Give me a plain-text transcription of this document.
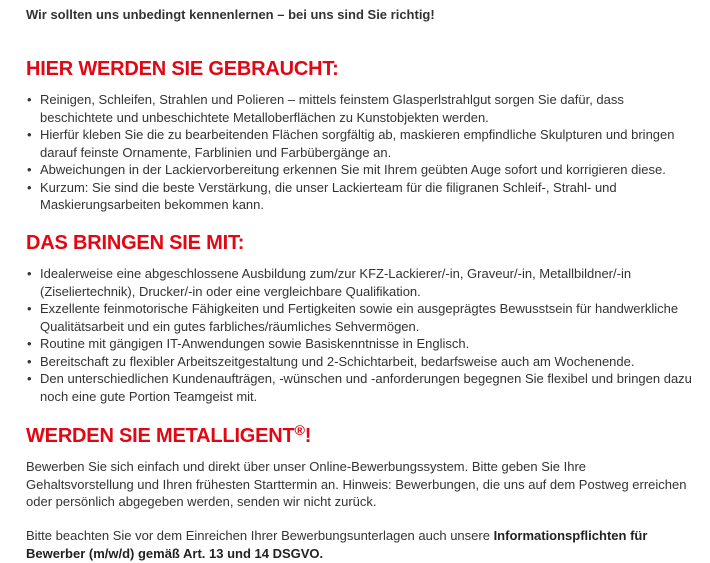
Wir sollten uns unbedingt kennenlernen – bei uns sind Sie richtig!
HIER WERDEN SIE GEBRAUCHT:
• Reinigen, Schleifen, Strahlen und Polieren – mittels feinstem Glasperlstrahlgut sorgen Sie dafür, dass beschichtete und unbeschichtete Metalloberflächen zu Kunstobjekten werden.
• Hierfür kleben Sie die zu bearbeitenden Flächen sorgfältig ab, maskieren empfindliche Skulpturen und bringen darauf feinste Ornamente, Farblinien und Farbübergänge an.
• Abweichungen in der Lackiervorbereitung erkennen Sie mit Ihrem geübten Auge sofort und korrigieren diese.
• Kurzum: Sie sind die beste Verstärkung, die unser Lackierteam für die filigranen Schleif-, Strahl- und Maskierungsarbeiten bekommen kann.
DAS BRINGEN SIE MIT:
• Idealerweise eine abgeschlossene Ausbildung zum/zur KFZ-Lackierer/-in, Graveur/-in, Metallbildner/-in (Ziseliertechnik), Drucker/-in oder eine vergleichbare Qualifikation.
• Exzellente feinmotorische Fähigkeiten und Fertigkeiten sowie ein ausgeprägtes Bewusstsein für handwerkliche Qualitätsarbeit und ein gutes farbliches/räumliches Sehvermögen.
• Routine mit gängigen IT-Anwendungen sowie Basiskenntnisse in Englisch.
• Bereitschaft zu flexibler Arbeitszeitgestaltung und 2-Schichtarbeit, bedarfsweise auch am Wochenende.
• Den unterschiedlichen Kundenaufträgen, -wünschen und -anforderungen begegnen Sie flexibel und bringen dazu noch eine gute Portion Teamgeist mit.
WERDEN SIE METALLIGENT®!

Bewerben Sie sich einfach und direkt über unser Online-Bewerbungssystem. Bitte geben Sie Ihre Gehaltsvorstellung und Ihren frühesten Starttermin an. Hinweis: Bewerbungen, die uns auf dem Postweg erreichen oder persönlich abgegeben werden, senden wir nicht zurück.

Bitte beachten Sie vor dem Einreichen Ihrer Bewerbungsunterlagen auch unsere Informationspflichten für Bewerber (m/w/d) gemäß Art. 13 und 14 DSGVO.
